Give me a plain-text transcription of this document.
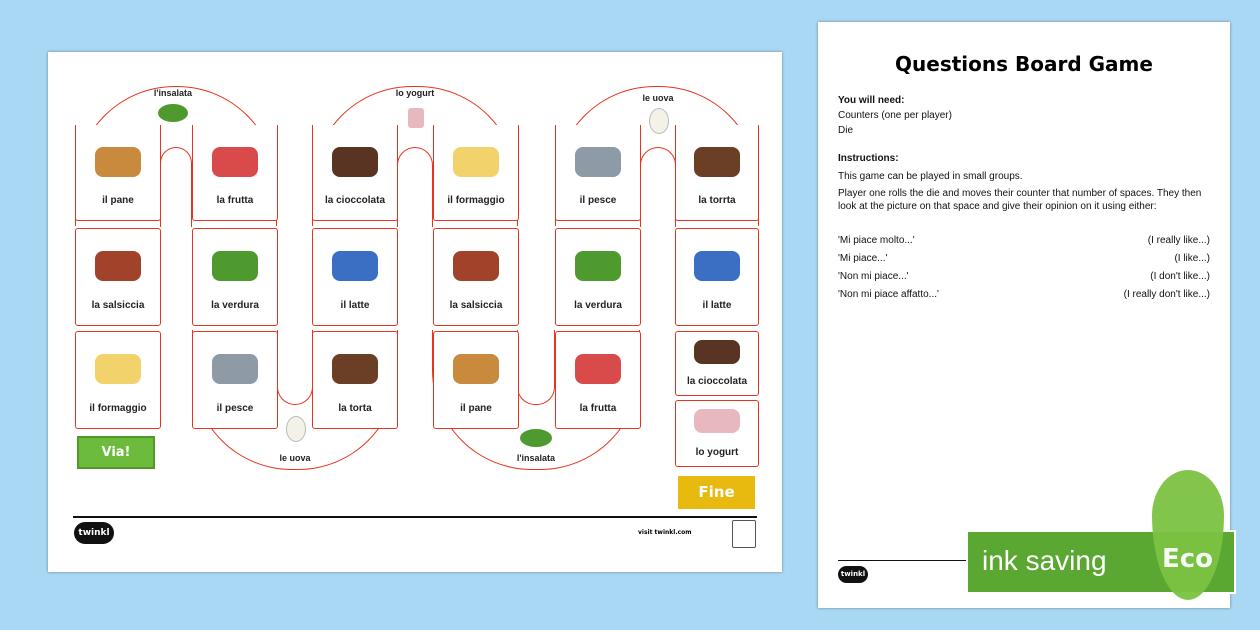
l'insalata	lo yogurt	le uova
le uova	l'insalata
il pane
la salsiccia
il formaggio
la frutta
la verdura
il pesce
la cioccolata
il latte
la torta
il formaggio
la salsiccia
il pane
il pesce
la verdura
la frutta
la torrta
il latte
la cioccolata
lo yogurt
Via!
Fine
twinkl	visit twinkl.com
Questions Board Game
You will need:
Counters (one per player)
Die
Instructions:
This game can be played in small groups.
Player one rolls the die and moves their counter that number of spaces. They then look at the picture on that space and give their opinion on it using either:
'Mi piace molto...'	(I really like...)
'Mi piace...'	(I like...)
'Non mi piace...'	(I don't like...)
'Non mi piace affatto...'	(I really don't like...)
twinkl	ink saving Eco
